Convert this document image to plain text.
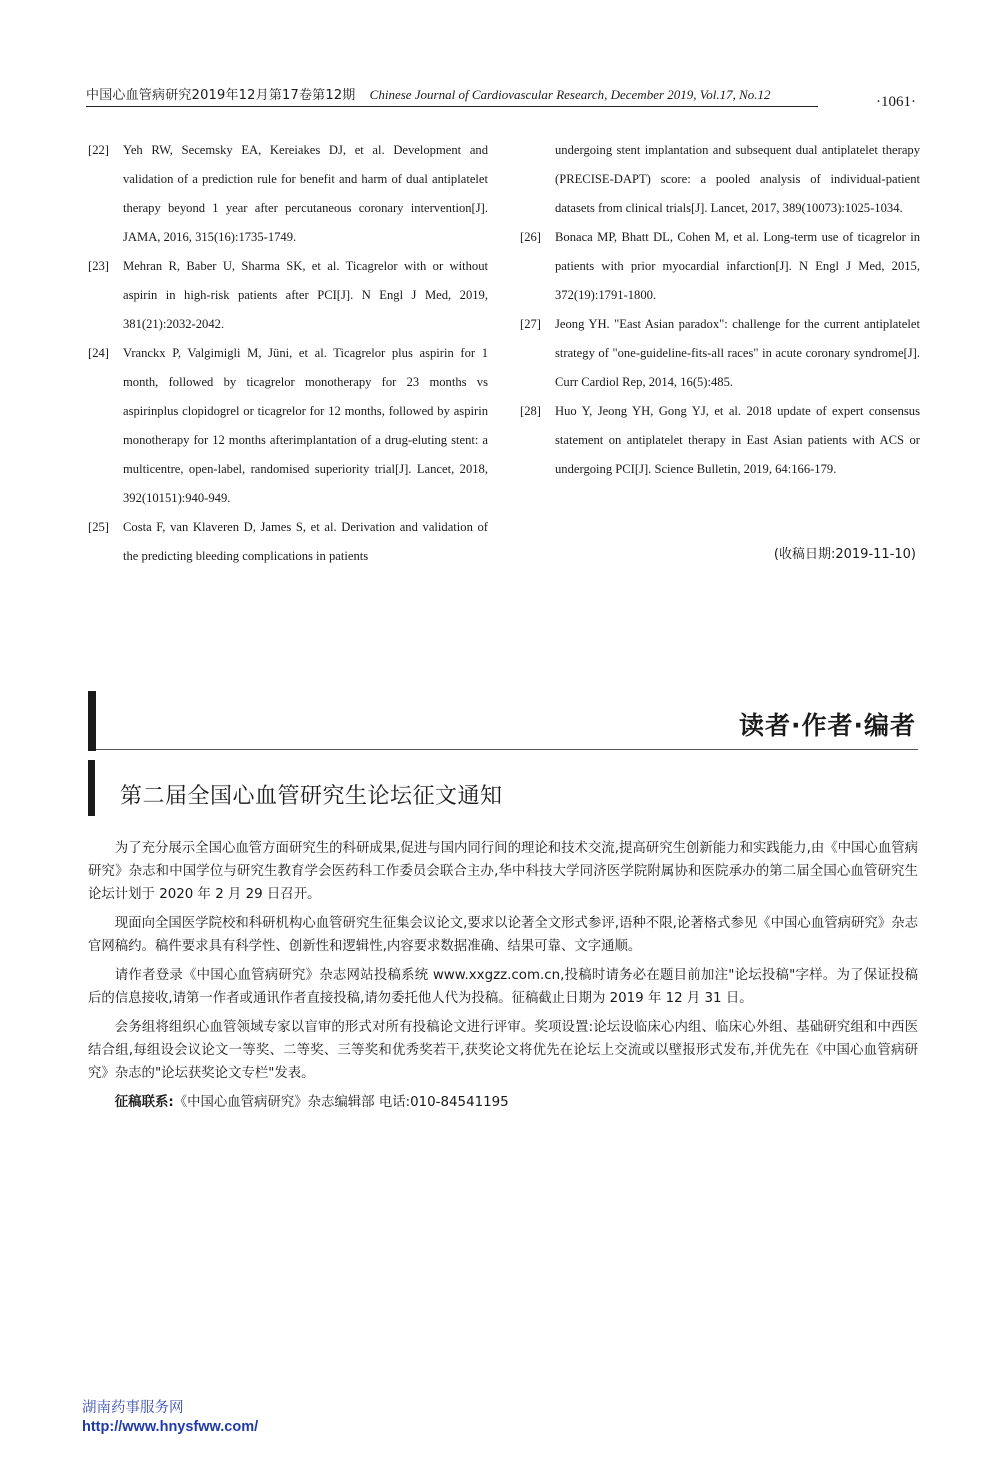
中国心血管病研究2019年12月第17卷第12期 Chinese Journal of Cardiovascular Research, December 2019, Vol.17, No.12	·1061·

[22] Yeh RW, Secemsky EA, Kereiakes DJ, et al. Development and validation of a prediction rule for benefit and harm of dual antiplatelet therapy beyond 1 year after percutaneous coronary intervention[J]. JAMA, 2016, 315(16):1735-1749.

[23] Mehran R, Baber U, Sharma SK, et al. Ticagrelor with or without aspirin in high-risk patients after PCI[J]. N Engl J Med, 2019, 381(21):2032-2042.

[24] Vranckx P, Valgimigli M, Jüni, et al. Ticagrelor plus aspirin for 1 month, followed by ticagrelor monotherapy for 23 months vs aspirinplus clopidogrel or ticagrelor for 12 months, followed by aspirin monotherapy for 12 months afterimplantation of a drug-eluting stent: a multicentre, open-label, randomised superiority trial[J]. Lancet, 2018, 392(10151):940-949.

[25] Costa F, van Klaveren D, James S, et al. Derivation and validation of the predicting bleeding complications in patients

undergoing stent implantation and subsequent dual antiplatelet therapy (PRECISE-DAPT) score: a pooled analysis of individual-patient datasets from clinical trials[J]. Lancet, 2017, 389(10073):1025-1034.

[26] Bonaca MP, Bhatt DL, Cohen M, et al. Long-term use of ticagrelor in patients with prior myocardial infarction[J]. N Engl J Med, 2015, 372(19):1791-1800.

[27] Jeong YH. "East Asian paradox": challenge for the current antiplatelet strategy of "one-guideline-fits-all races" in acute coronary syndrome[J]. Curr Cardiol Rep, 2014, 16(5):485.

[28] Huo Y, Jeong YH, Gong YJ, et al. 2018 update of expert consensus statement on antiplatelet therapy in East Asian patients with ACS or undergoing PCI[J]. Science Bulletin, 2019, 64:166-179.

(收稿日期:2019-11-10)
读者·作者·编者
第二届全国心血管研究生论坛征文通知

为了充分展示全国心血管方面研究生的科研成果,促进与国内同行间的理论和技术交流,提高研究生创新能力和实践能力,由《中国心血管病研究》杂志和中国学位与研究生教育学会医药科工作委员会联合主办,华中科技大学同济医学院附属协和医院承办的第二届全国心血管研究生论坛计划于 2020 年 2 月 29 日召开。

现面向全国医学院校和科研机构心血管研究生征集会议论文,要求以论著全文形式参评,语种不限,论著格式参见《中国心血管病研究》杂志官网稿约。稿件要求具有科学性、创新性和逻辑性,内容要求数据准确、结果可靠、文字通顺。

请作者登录《中国心血管病研究》杂志网站投稿系统 www.xxgzz.com.cn,投稿时请务必在题目前加注"论坛投稿"字样。为了保证投稿后的信息接收,请第一作者或通讯作者直接投稿,请勿委托他人代为投稿。征稿截止日期为 2019 年 12 月 31 日。

会务组将组织心血管领域专家以盲审的形式对所有投稿论文进行评审。奖项设置:论坛设临床心内组、临床心外组、基础研究组和中西医结合组,每组设会议论文一等奖、二等奖、三等奖和优秀奖若干,获奖论文将优先在论坛上交流或以壁报形式发布,并优先在《中国心血管病研究》杂志的"论坛获奖论文专栏"发表。

征稿联系:《中国心血管病研究》杂志编辑部 电话:010-84541195

湖南药事服务网
http://www.hnysfww.com/
